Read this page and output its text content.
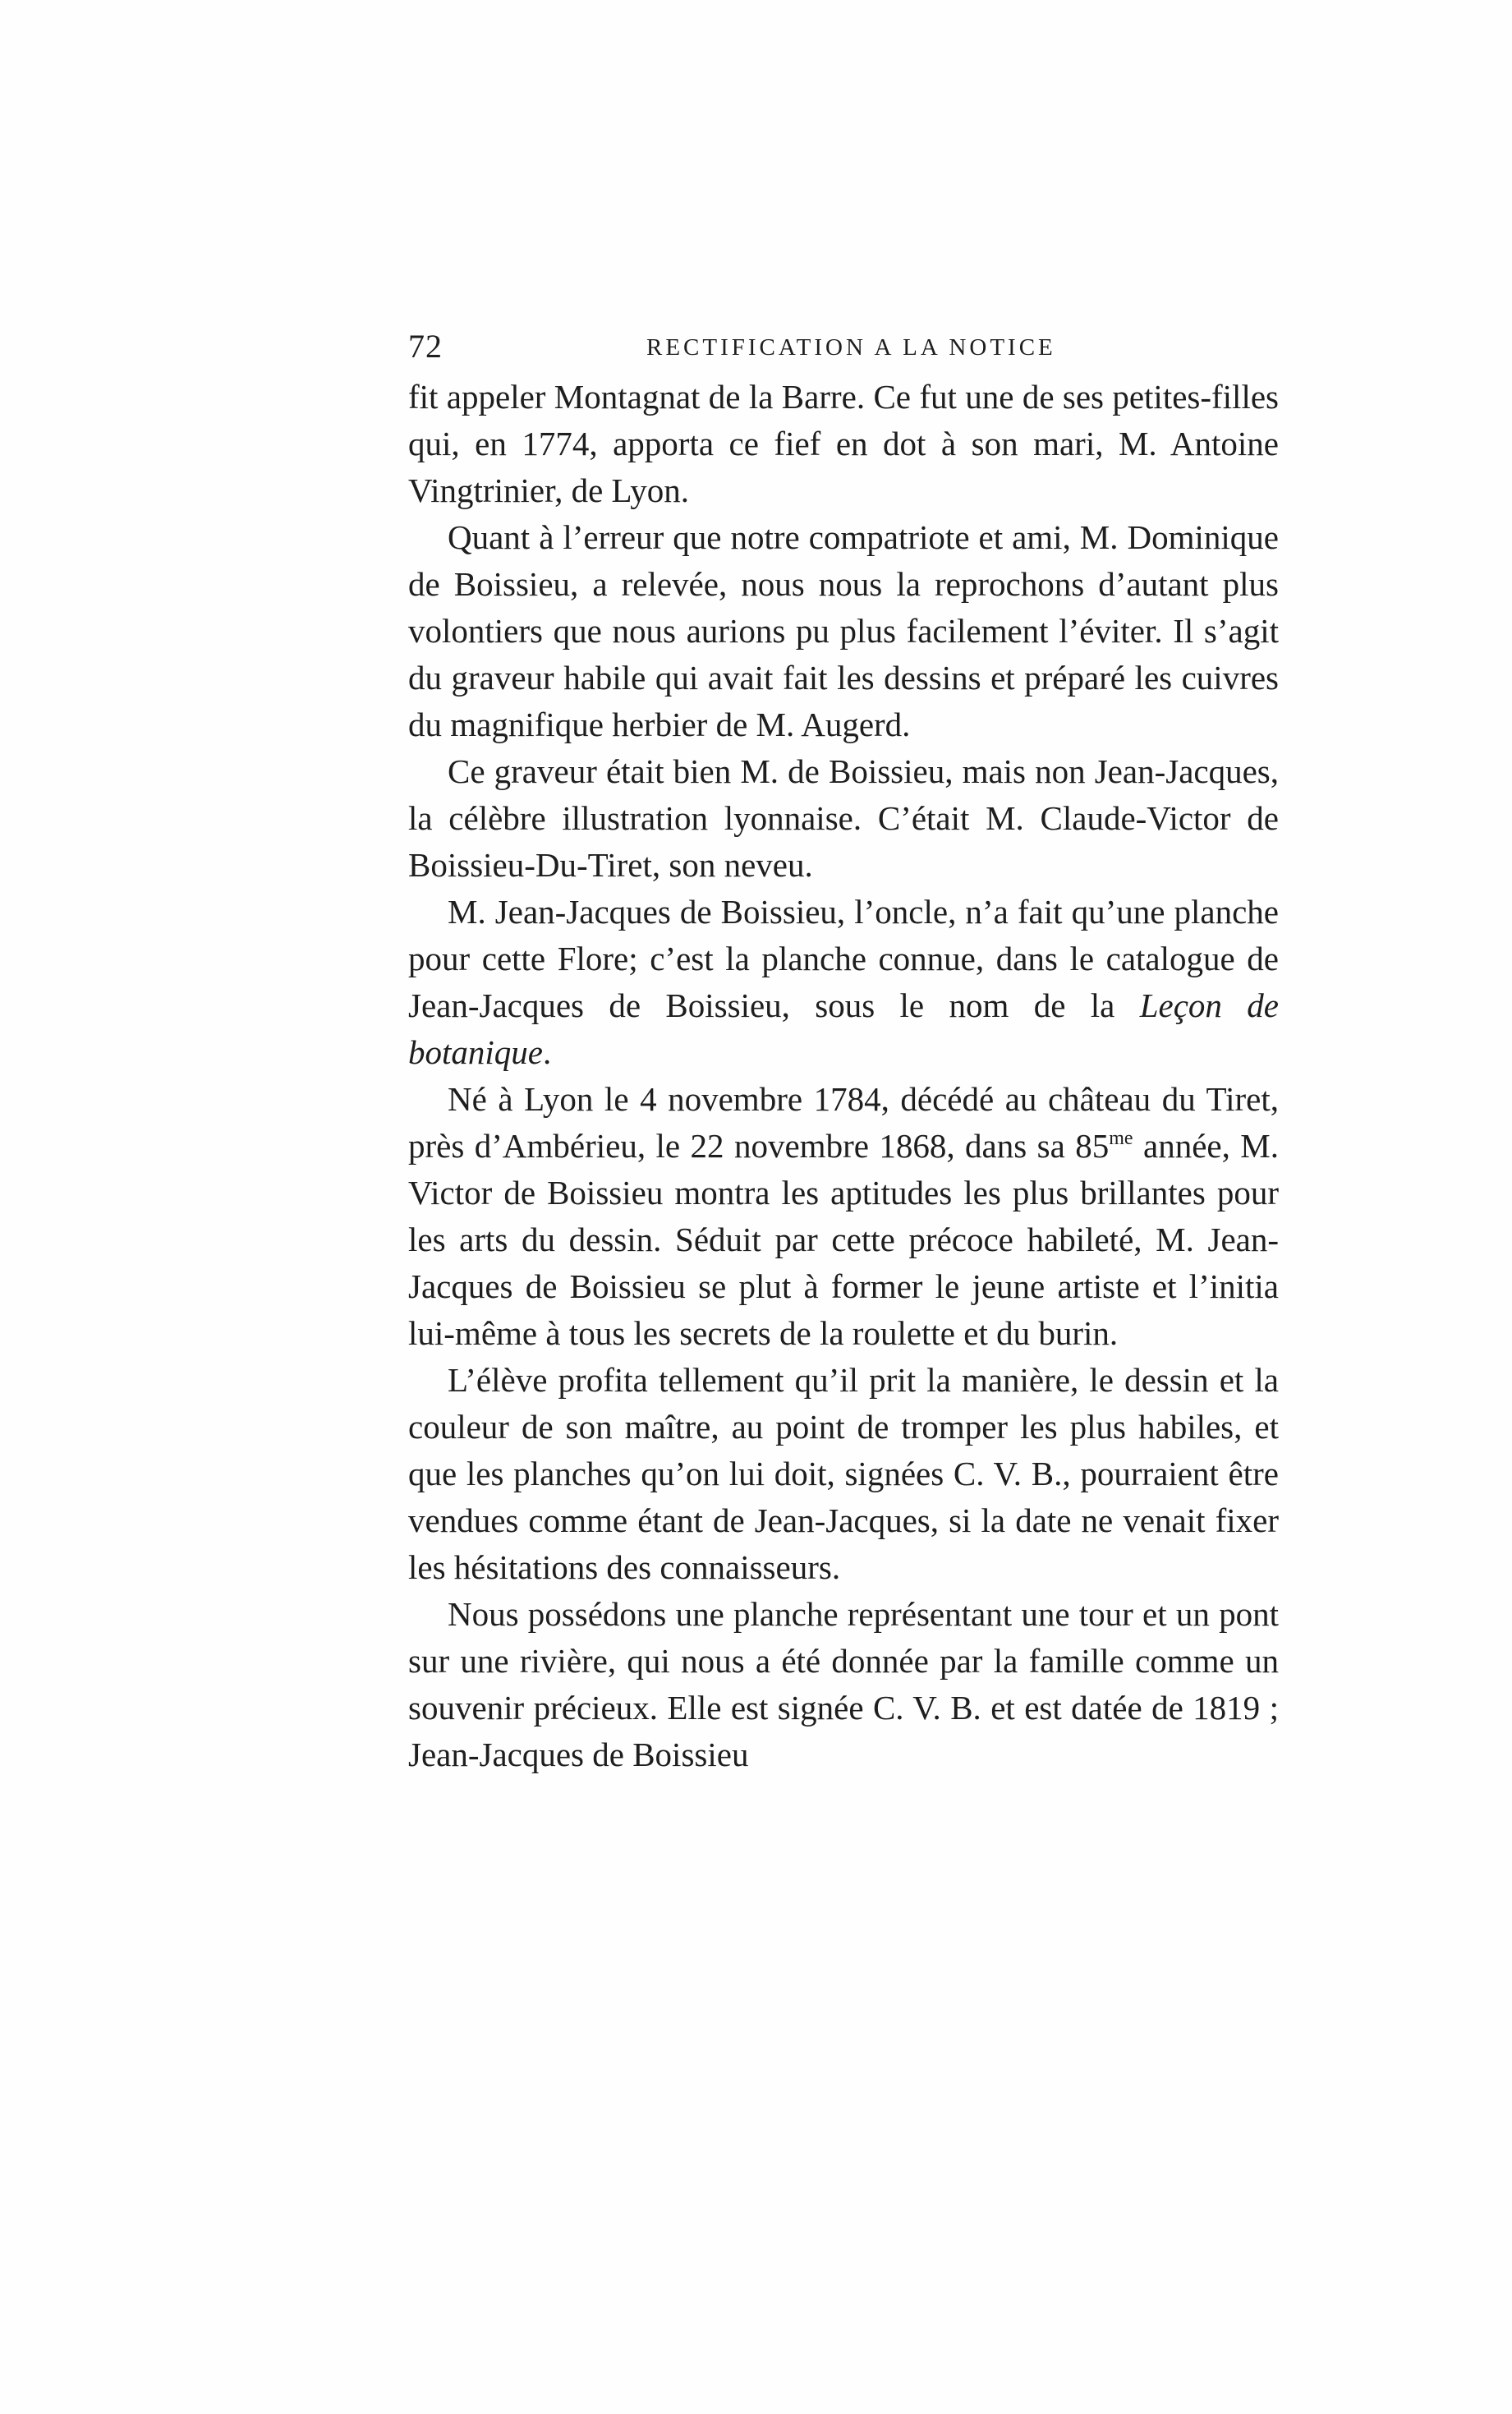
72	RECTIFICATION A LA NOTICE

fit appeler Montagnat de la Barre. Ce fut une de ses petites-filles qui, en 1774, apporta ce fief en dot à son mari, M. Antoine Vingtrinier, de Lyon.

Quant à l’erreur que notre compatriote et ami, M. Dominique de Boissieu, a relevée, nous nous la reprochons d’autant plus volontiers que nous aurions pu plus facilement l’éviter. Il s’agit du graveur habile qui avait fait les dessins et préparé les cuivres du magnifique herbier de M. Augerd.

Ce graveur était bien M. de Boissieu, mais non Jean-Jacques, la célèbre illustration lyonnaise. C’était M. Claude-Victor de Boissieu-Du-Tiret, son neveu.

M. Jean-Jacques de Boissieu, l’oncle, n’a fait qu’une planche pour cette Flore; c’est la planche connue, dans le catalogue de Jean-Jacques de Boissieu, sous le nom de la Leçon de botanique.

Né à Lyon le 4 novembre 1784, décédé au château du Tiret, près d’Ambérieu, le 22 novembre 1868, dans sa $85^{me}$ année, M. Victor de Boissieu montra les aptitudes les plus brillantes pour les arts du dessin. Séduit par cette précoce habileté, M. Jean-Jacques de Boissieu se plut à former le jeune artiste et l’initia lui-même à tous les secrets de la roulette et du burin.

L’élève profita tellement qu’il prit la manière, le dessin et la couleur de son maître, au point de tromper les plus habiles, et que les planches qu’on lui doit, signées C. V. B., pourraient être vendues comme étant de Jean-Jacques, si la date ne venait fixer les hésitations des connaisseurs.

Nous possédons une planche représentant une tour et un pont sur une rivière, qui nous a été donnée par la famille comme un souvenir précieux. Elle est signée C. V. B. et est datée de 1819 ; Jean-Jacques de Boissieu
